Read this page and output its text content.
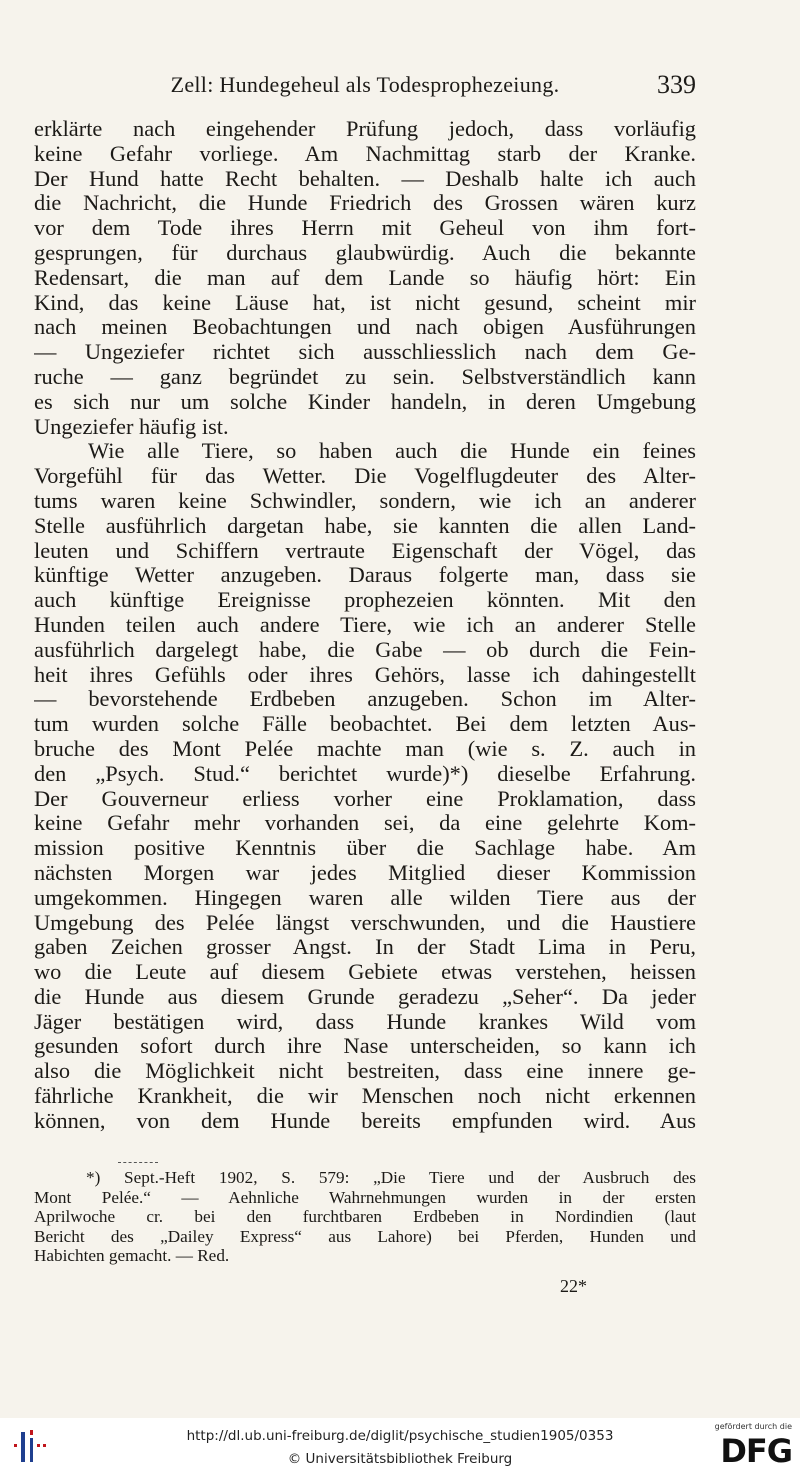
Zell: Hundegeheul als Todesprophezeiung.	339
erklärte nach eingehender Prüfung jedoch, dass vorläufig
keine Gefahr vorliege. Am Nachmittag starb der Kranke.
Der Hund hatte Recht behalten. — Deshalb halte ich auch
die Nachricht, die Hunde Friedrich des Grossen wären kurz
vor dem Tode ihres Herrn mit Geheul von ihm fort-
gesprungen, für durchaus glaubwürdig. Auch die bekannte
Redensart, die man auf dem Lande so häufig hört: Ein
Kind, das keine Läuse hat, ist nicht gesund, scheint mir
nach meinen Beobachtungen und nach obigen Ausführungen
— Ungeziefer richtet sich ausschliesslich nach dem Ge-
ruche — ganz begründet zu sein. Selbstverständlich kann
es sich nur um solche Kinder handeln, in deren Umgebung
Ungeziefer häufig ist.
Wie alle Tiere, so haben auch die Hunde ein feines
Vorgefühl für das Wetter. Die Vogelflugdeuter des Alter-
tums waren keine Schwindler, sondern, wie ich an anderer
Stelle ausführlich dargetan habe, sie kannten die allen Land-
leuten und Schiffern vertraute Eigenschaft der Vögel, das
künftige Wetter anzugeben. Daraus folgerte man, dass sie
auch künftige Ereignisse prophezeien könnten. Mit den
Hunden teilen auch andere Tiere, wie ich an anderer Stelle
ausführlich dargelegt habe, die Gabe — ob durch die Fein-
heit ihres Gefühls oder ihres Gehörs, lasse ich dahingestellt
— bevorstehende Erdbeben anzugeben. Schon im Alter-
tum wurden solche Fälle beobachtet. Bei dem letzten Aus-
bruche des Mont Pelée machte man (wie s. Z. auch in
den „Psych. Stud.“ berichtet wurde)*) dieselbe Erfahrung.
Der Gouverneur erliess vorher eine Proklamation, dass
keine Gefahr mehr vorhanden sei, da eine gelehrte Kom-
mission positive Kenntnis über die Sachlage habe. Am
nächsten Morgen war jedes Mitglied dieser Kommission
umgekommen. Hingegen waren alle wilden Tiere aus der
Umgebung des Pelée längst verschwunden, und die Haustiere
gaben Zeichen grosser Angst. In der Stadt Lima in Peru,
wo die Leute auf diesem Gebiete etwas verstehen, heissen
die Hunde aus diesem Grunde geradezu „Seher“. Da jeder
Jäger bestätigen wird, dass Hunde krankes Wild vom
gesunden sofort durch ihre Nase unterscheiden, so kann ich
also die Möglichkeit nicht bestreiten, dass eine innere ge-
fährliche Krankheit, die wir Menschen noch nicht erkennen
können, von dem Hunde bereits empfunden wird. Aus
*) Sept.-Heft 1902, S. 579: „Die Tiere und der Ausbruch des
Mont Pelée.“ — Aehnliche Wahrnehmungen wurden in der ersten
Aprilwoche cr. bei den furchtbaren Erdbeben in Nordindien (laut
Bericht des „Dailey Express“ aus Lahore) bei Pferden, Hunden und
Habichten gemacht. — Red.
22*
http://dl.ub.uni-freiburg.de/diglit/psychische_studien1905/0353
© Universitätsbibliothek Freiburg
gefördert durch die
DFG
